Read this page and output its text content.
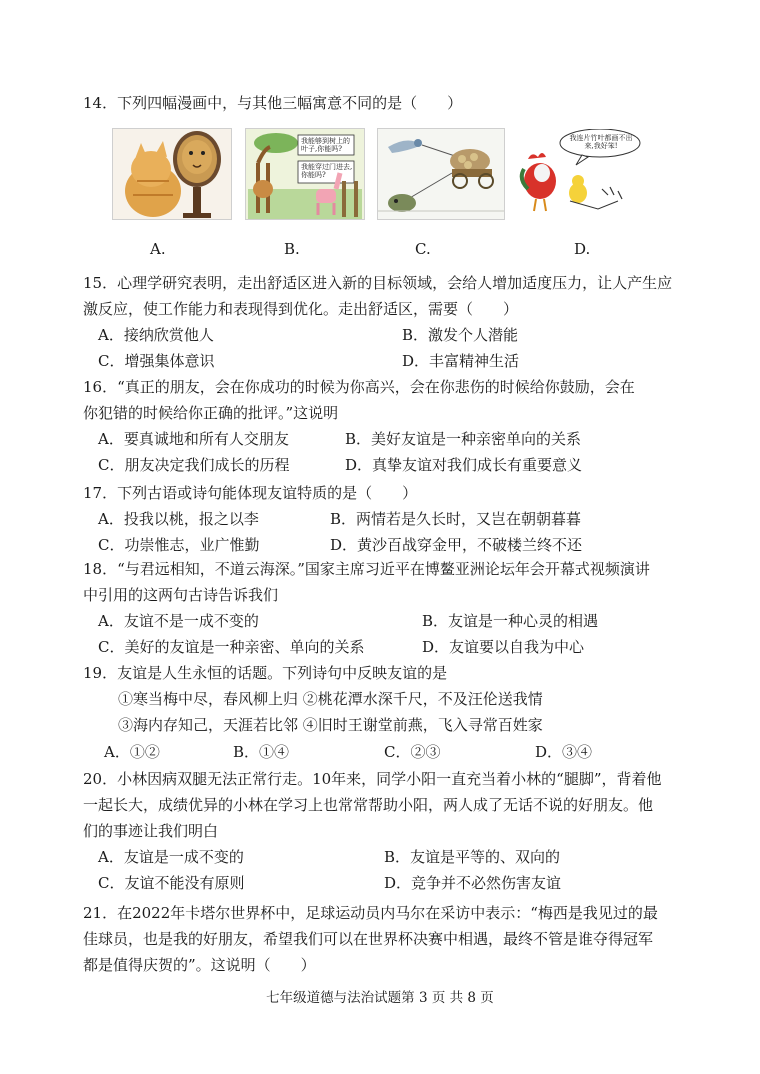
14．下列四幅漫画中，与其他三幅寓意不同的是（　　）
我能够到树上的叶子,你能吗?
我能穿过门进去,你能吗?
我连片竹叶都画不出来,我好笨!
A.	B.	C.	D.
15．心理学研究表明，走出舒适区进入新的目标领域，会给人增加适度压力，让人产生应
激反应，使工作能力和表现得到优化。走出舒适区，需要（　　）
A．接纳欣赏他人	B．激发个人潜能
C．增强集体意识	D．丰富精神生活
16．“真正的朋友，会在你成功的时候为你高兴，会在你悲伤的时候给你鼓励，会在
你犯错的时候给你正确的批评。”这说明
A．要真诚地和所有人交朋友	B．美好友谊是一种亲密单向的关系
C．朋友决定我们成长的历程	D．真挚友谊对我们成长有重要意义
17．下列古语或诗句能体现友谊特质的是（　　）
A．投我以桃，报之以李	B．两情若是久长时，又岂在朝朝暮暮
C．功崇惟志，业广惟勤	D．黄沙百战穿金甲，不破楼兰终不还
18．“与君远相知，不道云海深。”国家主席习近平在博鳌亚洲论坛年会开幕式视频演讲
中引用的这两句古诗告诉我们
A．友谊不是一成不变的	B．友谊是一种心灵的相遇
C．美好的友谊是一种亲密、单向的关系	D．友谊要以自我为中心
19．友谊是人生永恒的话题。下列诗句中反映友谊的是
①寒当梅中尽，春风柳上归 ②桃花潭水深千尺，不及汪伦送我情
③海内存知己，天涯若比邻 ④旧时王谢堂前燕，飞入寻常百姓家
A．①②	B．①④	C．②③	D．③④
20．小林因病双腿无法正常行走。10年来，同学小阳一直充当着小林的“腿脚”，背着他
一起长大，成绩优异的小林在学习上也常常帮助小阳，两人成了无话不说的好朋友。他
们的事迹让我们明白
A．友谊是一成不变的	B．友谊是平等的、双向的
C．友谊不能没有原则	D．竞争并不必然伤害友谊
21．在2022年卡塔尔世界杯中，足球运动员内马尔在采访中表示：“梅西是我见过的最
佳球员，也是我的好朋友，希望我们可以在世界杯决赛中相遇，最终不管是谁夺得冠军
都是值得庆贺的”。这说明（　　）
七年级道德与法治试题第 3 页 共 8 页
